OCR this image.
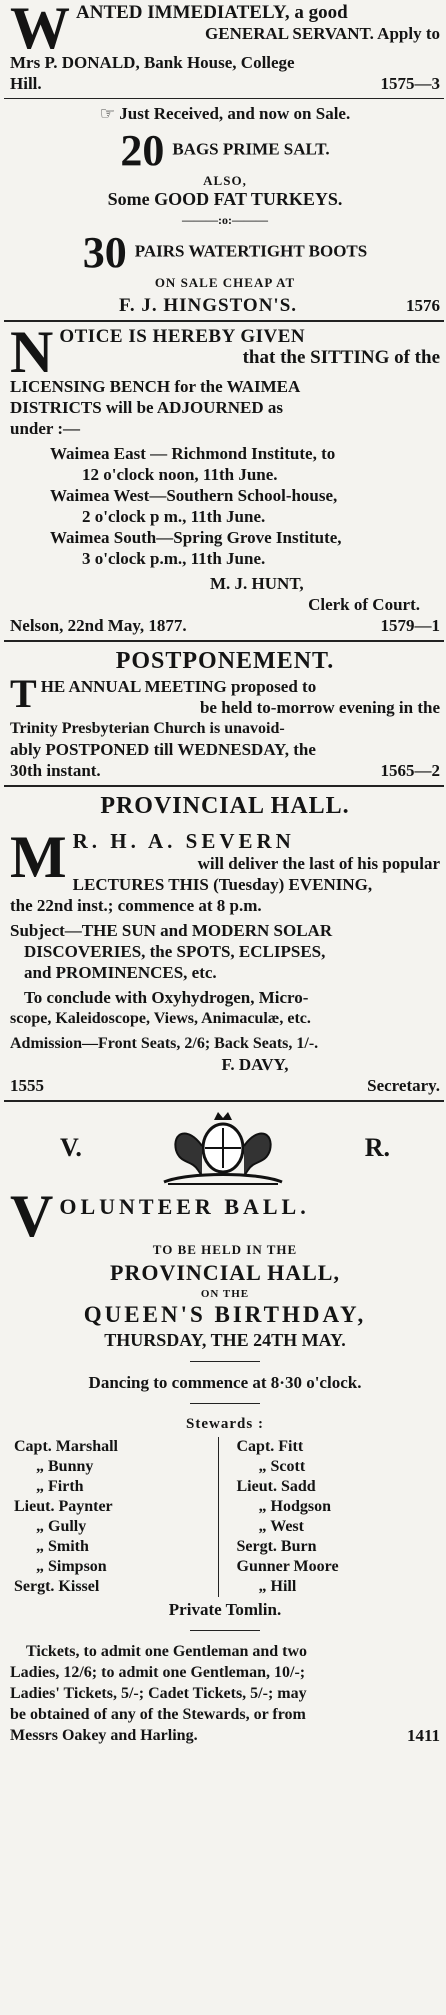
W ANTED IMMEDIATELY, a good
GENERAL SERVANT. Apply to
Mrs P. DONALD, Bank House, College
Hill.	1575—3
☞ Just Received, and now on Sale.
20 BAGS PRIME SALT.
ALSO,
Some GOOD FAT TURKEYS.
———:o:———
30 PAIRS WATERTIGHT BOOTS
ON SALE CHEAP AT
F. J. HINGSTON'S.	1576
N OTICE IS HEREBY GIVEN
that the SITTING of the
LICENSING BENCH for the WAIMEA
DISTRICTS will be ADJOURNED as
under :—
Waimea East — Richmond Institute, to
12 o'clock noon, 11th June.
Waimea West—Southern School-house,
2 o'clock p m., 11th June.
Waimea South—Spring Grove Institute,
3 o'clock p.m., 11th June.
M. J. HUNT,
Clerk of Court.
Nelson, 22nd May, 1877.	1579—1
POSTPONEMENT.
T HE ANNUAL MEETING proposed to
be held to-morrow evening in the
Trinity Presbyterian Church is unavoid-
ably POSTPONED till WEDNESDAY, the
30th instant.	1565—2
PROVINCIAL HALL.
M R. H. A. SEVERN
will deliver the last of his popular
LECTURES THIS (Tuesday) EVENING,
the 22nd inst.; commence at 8 p.m.
Subject—THE SUN and MODERN SOLAR
DISCOVERIES, the SPOTS, ECLIPSES,
and PROMINENCES, etc.
To conclude with Oxyhydrogen, Micro-
scope, Kaleidoscope, Views, Animaculæ, etc.
Admission—Front Seats, 2/6; Back Seats, 1/-.
F. DAVY,
1555	Secretary.
V.	R.
V OLUNTEER BALL.
TO BE HELD IN THE
PROVINCIAL HALL,
ON THE
QUEEN'S BIRTHDAY,
THURSDAY, THE 24TH MAY.
Dancing to commence at 8·30 o'clock.
Stewards :
Capt. Marshall
„ Bunny
„ Firth
Lieut. Paynter
„ Gully
„ Smith
„ Simpson
Sergt. Kissel
Capt. Fitt
„ Scott
Lieut. Sadd
„ Hodgson
„ West
Sergt. Burn
Gunner Moore
„ Hill
Private Tomlin.
Tickets, to admit one Gentleman and two
Ladies, 12/6; to admit one Gentleman, 10/-;
Ladies' Tickets, 5/-; Cadet Tickets, 5/-; may
be obtained of any of the Stewards, or from
Messrs Oakey and Harling.	1411
